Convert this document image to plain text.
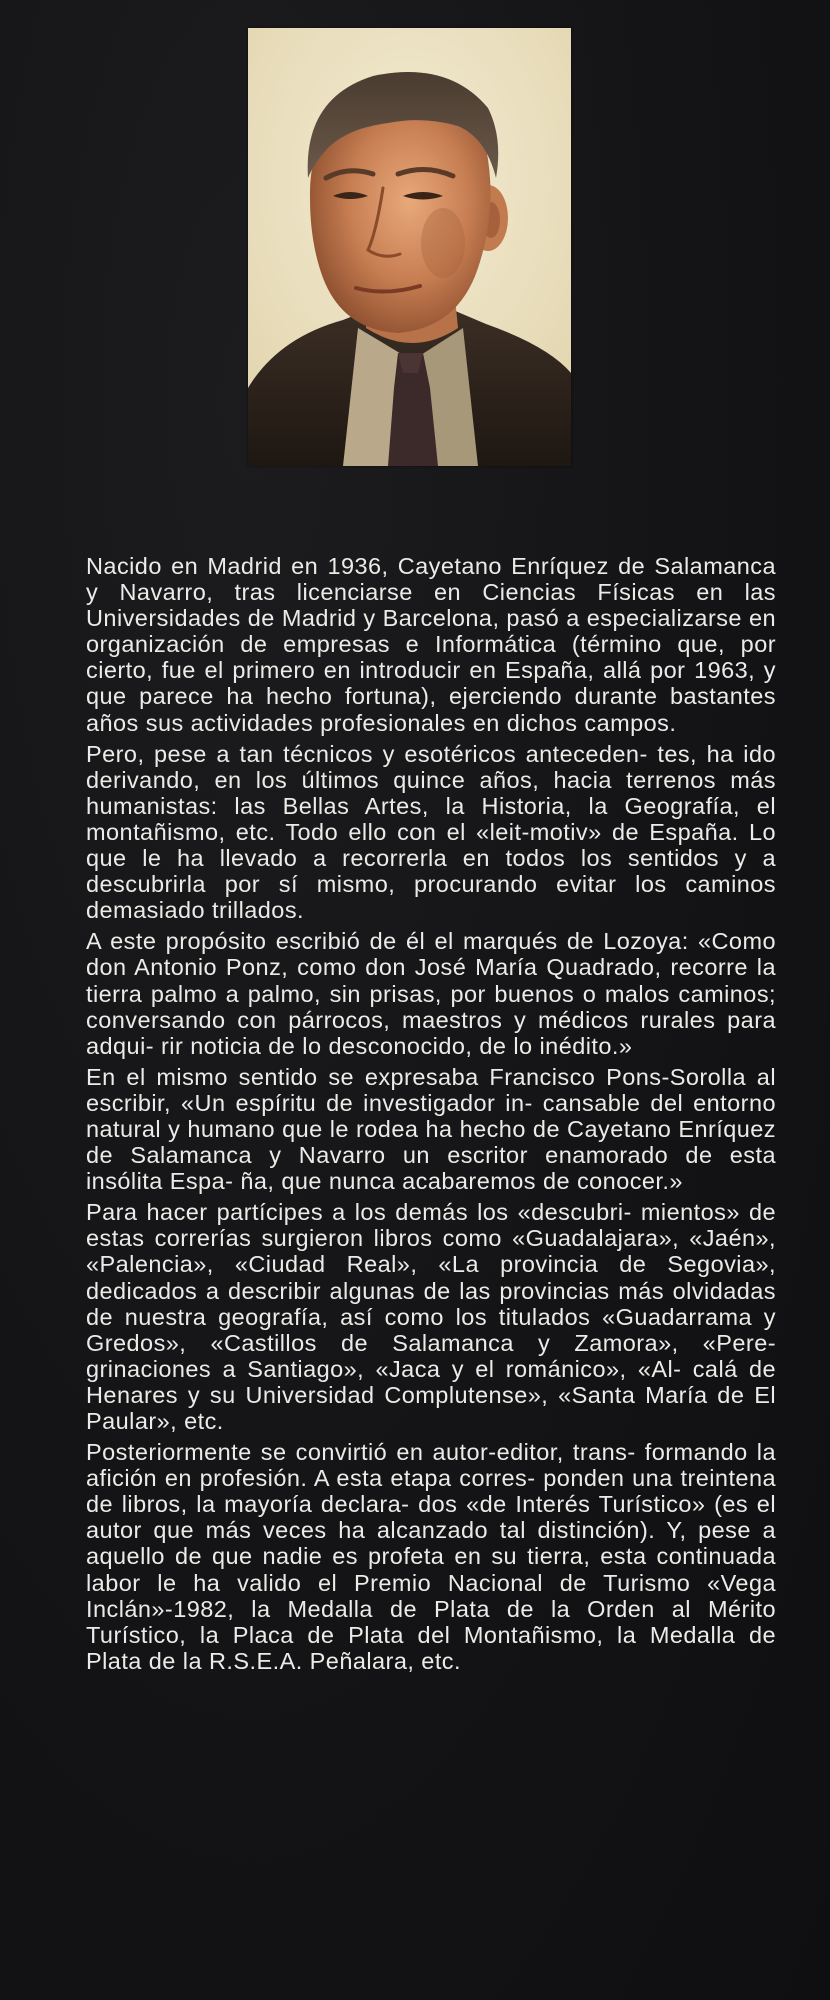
Nacido en Madrid en 1936, Cayetano Enríquez de Salamanca y Navarro, tras licenciarse en Ciencias Físicas en las Universidades de Madrid y Barcelona, pasó a especializarse en organización de empresas e Informática (término que, por cierto, fue el primero en introducir en España, allá por 1963, y que parece ha hecho fortuna), ejerciendo durante bastantes años sus actividades profesionales en dichos campos.

Pero, pese a tan técnicos y esotéricos anteceden- tes, ha ido derivando, en los últimos quince años, hacia terrenos más humanistas: las Bellas Artes, la Historia, la Geografía, el montañismo, etc. Todo ello con el «leit-motiv» de España. Lo que le ha llevado a recorrerla en todos los sentidos y a descubrirla por sí mismo, procurando evitar los caminos demasiado trillados.

A este propósito escribió de él el marqués de Lozoya: «Como don Antonio Ponz, como don José María Quadrado, recorre la tierra palmo a palmo, sin prisas, por buenos o malos caminos; conversando con párrocos, maestros y médicos rurales para adqui- rir noticia de lo desconocido, de lo inédito.»

En el mismo sentido se expresaba Francisco Pons-Sorolla al escribir, «Un espíritu de investigador in- cansable del entorno natural y humano que le rodea ha hecho de Cayetano Enríquez de Salamanca y Navarro un escritor enamorado de esta insólita Espa- ña, que nunca acabaremos de conocer.»

Para hacer partícipes a los demás los «descubri- mientos» de estas correrías surgieron libros como «Guadalajara», «Jaén», «Palencia», «Ciudad Real», «La provincia de Segovia», dedicados a describir algunas de las provincias más olvidadas de nuestra geografía, así como los titulados «Guadarrama y Gredos», «Castillos de Salamanca y Zamora», «Pere- grinaciones a Santiago», «Jaca y el románico», «Al- calá de Henares y su Universidad Complutense», «Santa María de El Paular», etc.

Posteriormente se convirtió en autor-editor, trans- formando la afición en profesión. A esta etapa corres- ponden una treintena de libros, la mayoría declara- dos «de Interés Turístico» (es el autor que más veces ha alcanzado tal distinción). Y, pese a aquello de que nadie es profeta en su tierra, esta continuada labor le ha valido el Premio Nacional de Turismo «Vega Inclán»-1982, la Medalla de Plata de la Orden al Mérito Turístico, la Placa de Plata del Montañismo, la Medalla de Plata de la R.S.E.A. Peñalara, etc.
